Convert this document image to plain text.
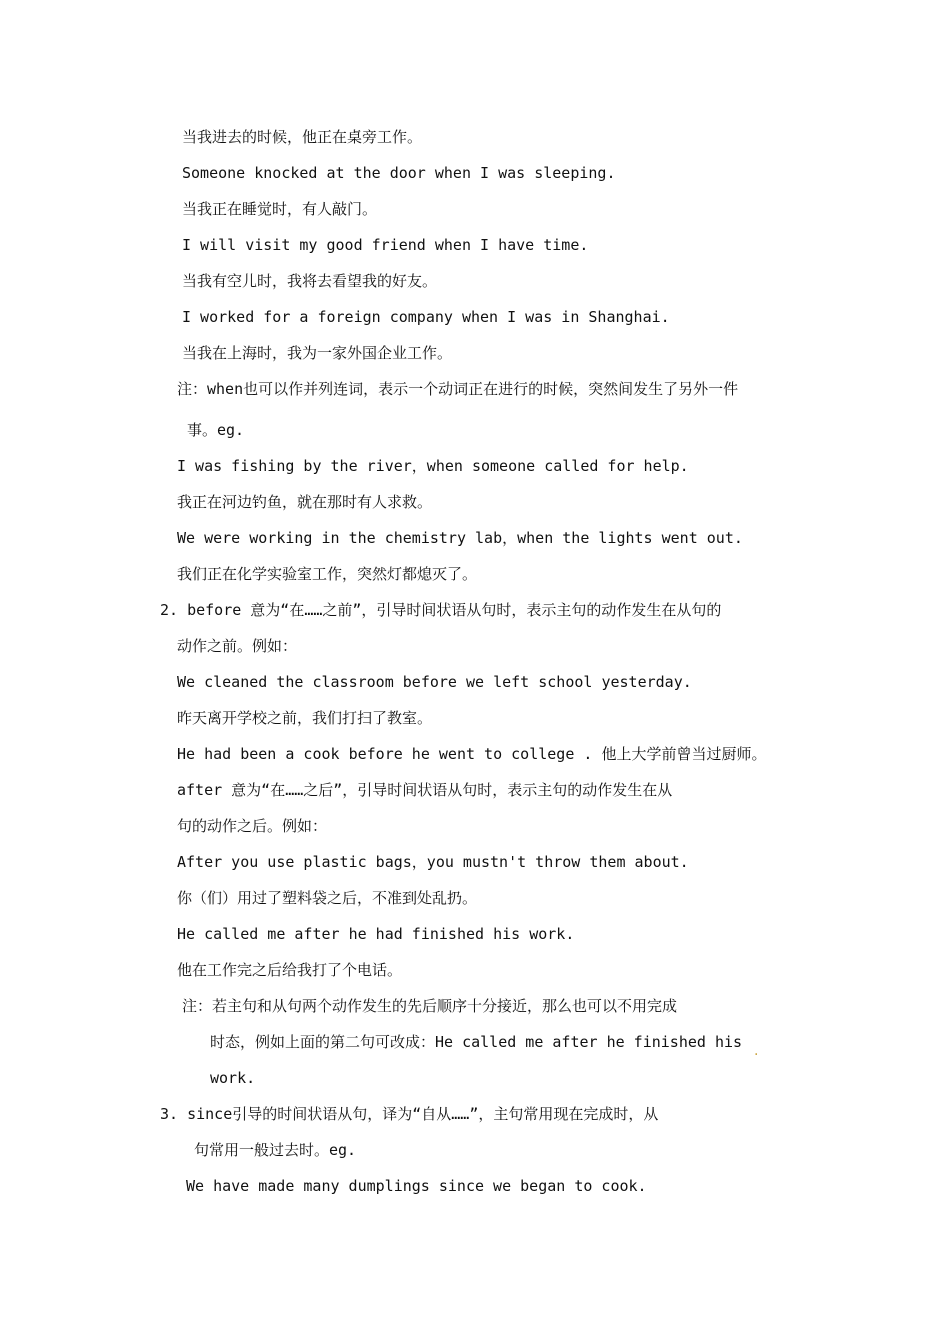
当我进去的时候，他正在桌旁工作。
Someone knocked at the door when I was sleeping.
当我正在睡觉时，有人敲门。
I will visit my good friend when I have time.
当我有空儿时，我将去看望我的好友。
I worked for a foreign company when I was in Shanghai.
当我在上海时，我为一家外国企业工作。
注：when也可以作并列连词，表示一个动词正在进行的时候，突然间发生了另外一件
事。eg.
I was fishing by the river，when someone called for help.
我正在河边钓鱼，就在那时有人求救。
We were working in the chemistry lab，when the lights went out.
我们正在化学实验室工作，突然灯都熄灭了。
2. before 意为“在……之前”，引导时间状语从句时，表示主句的动作发生在从句的
动作之前。例如：
We cleaned the classroom before we left school yesterday.
昨天离开学校之前，我们打扫了教室。
He had been a cook before he went to college . 他上大学前曾当过厨师。
after 意为“在……之后”，引导时间状语从句时，表示主句的动作发生在从
句的动作之后。例如：
After you use plastic bags，you mustn't throw them about.
你（们）用过了塑料袋之后，不准到处乱扔。
He called me after he had finished his work.
他在工作完之后给我打了个电话。
注：若主句和从句两个动作发生的先后顺序十分接近，那么也可以不用完成
时态，例如上面的第二句可改成：He called me after he finished his .
work.
3. since引导的时间状语从句，译为“自从……”，主句常用现在完成时，从
句常用一般过去时。eg.
We have made many dumplings since we began to cook.
